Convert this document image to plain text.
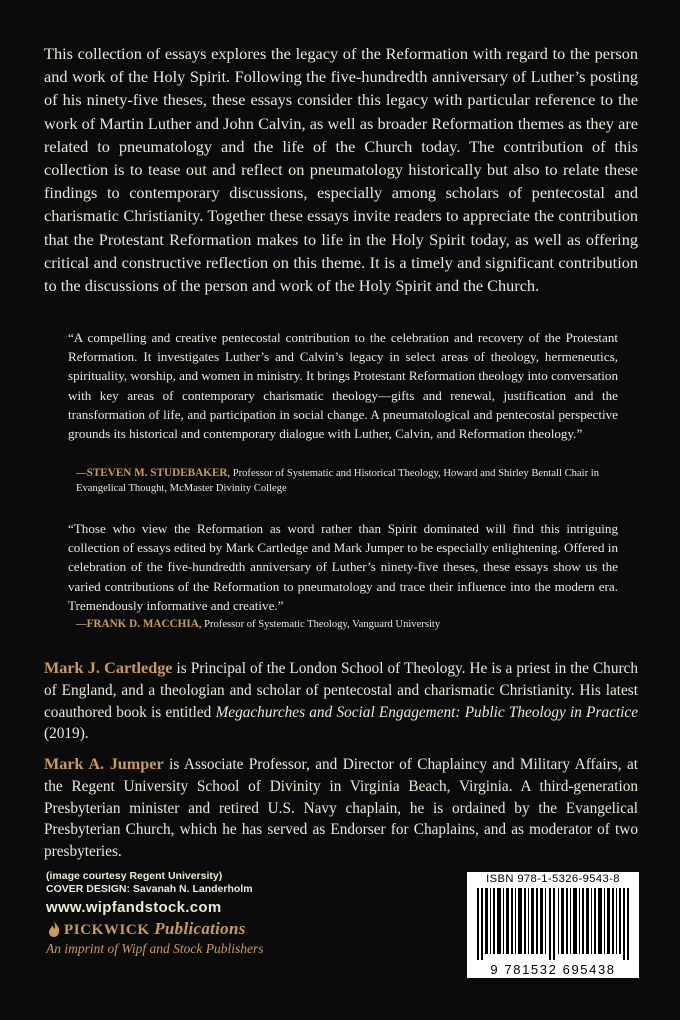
This collection of essays explores the legacy of the Reformation with regard to the person and work of the Holy Spirit. Following the five-hundredth anniversary of Luther’s posting of his ninety-five theses, these essays consider this legacy with particular reference to the work of Martin Luther and John Calvin, as well as broader Reformation themes as they are related to pneumatology and the life of the Church today. The contribution of this collection is to tease out and reflect on pneumatology historically but also to relate these findings to contemporary discussions, especially among scholars of pentecostal and charismatic Christianity. Together these essays invite readers to appreciate the contribution that the Protestant Reformation makes to life in the Holy Spirit today, as well as offering critical and constructive reflection on this theme. It is a timely and significant contribution to the discussions of the person and work of the Holy Spirit and the Church.

“A compelling and creative pentecostal contribution to the celebration and recovery of the Protestant Reformation. It investigates Luther’s and Calvin’s legacy in select areas of theology, hermeneutics, spirituality, worship, and women in ministry. It brings Protestant Reformation theology into conversation with key areas of contemporary charismatic theology—gifts and renewal, justification and the transformation of life, and participation in social change. A pneumatological and pentecostal perspective grounds its historical and contemporary dialogue with Luther, Calvin, and Reformation theology.”

—STEVEN M. STUDEBAKER, Professor of Systematic and Historical Theology, Howard and Shirley Bentall Chair in Evangelical Thought, McMaster Divinity College

“Those who view the Reformation as word rather than Spirit dominated will find this intriguing collection of essays edited by Mark Cartledge and Mark Jumper to be especially enlightening. Offered in celebration of the five-hundredth anniversary of Luther’s ninety-five theses, these essays show us the varied contributions of the Reformation to pneumatology and trace their influence into the modern era. Tremendously informative and creative.”

—FRANK D. MACCHIA, Professor of Systematic Theology, Vanguard University

Mark J. Cartledge is Principal of the London School of Theology. He is a priest in the Church of England, and a theologian and scholar of pentecostal and charismatic Christianity. His latest coauthored book is entitled Megachurches and Social Engagement: Public Theology in Practice (2019).

Mark A. Jumper is Associate Professor, and Director of Chaplaincy and Military Affairs, at the Regent University School of Divinity in Virginia Beach, Virginia. A third-generation Presbyterian minister and retired U.S. Navy chaplain, he is ordained by the Evangelical Presbyterian Church, which he has served as Endorser for Chaplains, and as moderator of two presbyteries.

(image courtesy Regent University)
COVER DESIGN: Savanah N. Landerholm
www.wipfandstock.com
PICKWICK Publications
An imprint of Wipf and Stock Publishers
ISBN 978-1-5326-9543-8
9 781532 695438
